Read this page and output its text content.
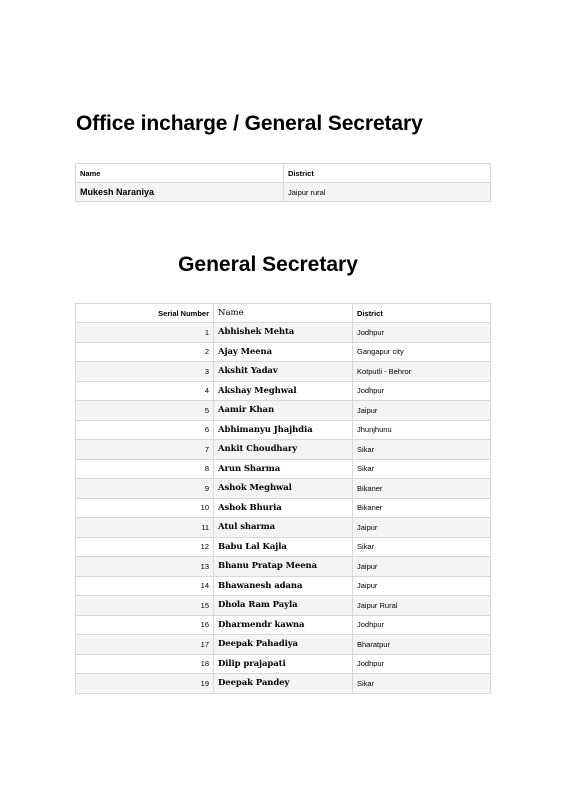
Office incharge / General Secretary
Name	District
Mukesh Naraniya	Jaipur rural
General Secretary
Serial Number	Name	District
1	Abhishek Mehta	Jodhpur
2	Ajay Meena	Gangapur city
3	Akshit Yadav	Kotputli - Behror
4	Akshay Meghwal	Jodhpur
5	Aamir Khan	Jaipur
6	Abhimanyu Jhajhdia	Jhunjhunu
7	Ankit Choudhary	Sikar
8	Arun Sharma	Sikar
9	Ashok Meghwal	Bikaner
10	Ashok Bhuria	Bikaner
11	Atul sharma	Jaipur
12	Babu Lal Kajla	Sikar
13	Bhanu Pratap Meena	Jaipur
14	Bhawanesh adana	Jaipur
15	Dhola Ram Payla	Jaipur Rural
16	Dharmendr kawna	Jodhpur
17	Deepak Pahadiya	Bharatpur
18	Dilip prajapati	Jodhpur
19	Deepak Pandey	Sikar
